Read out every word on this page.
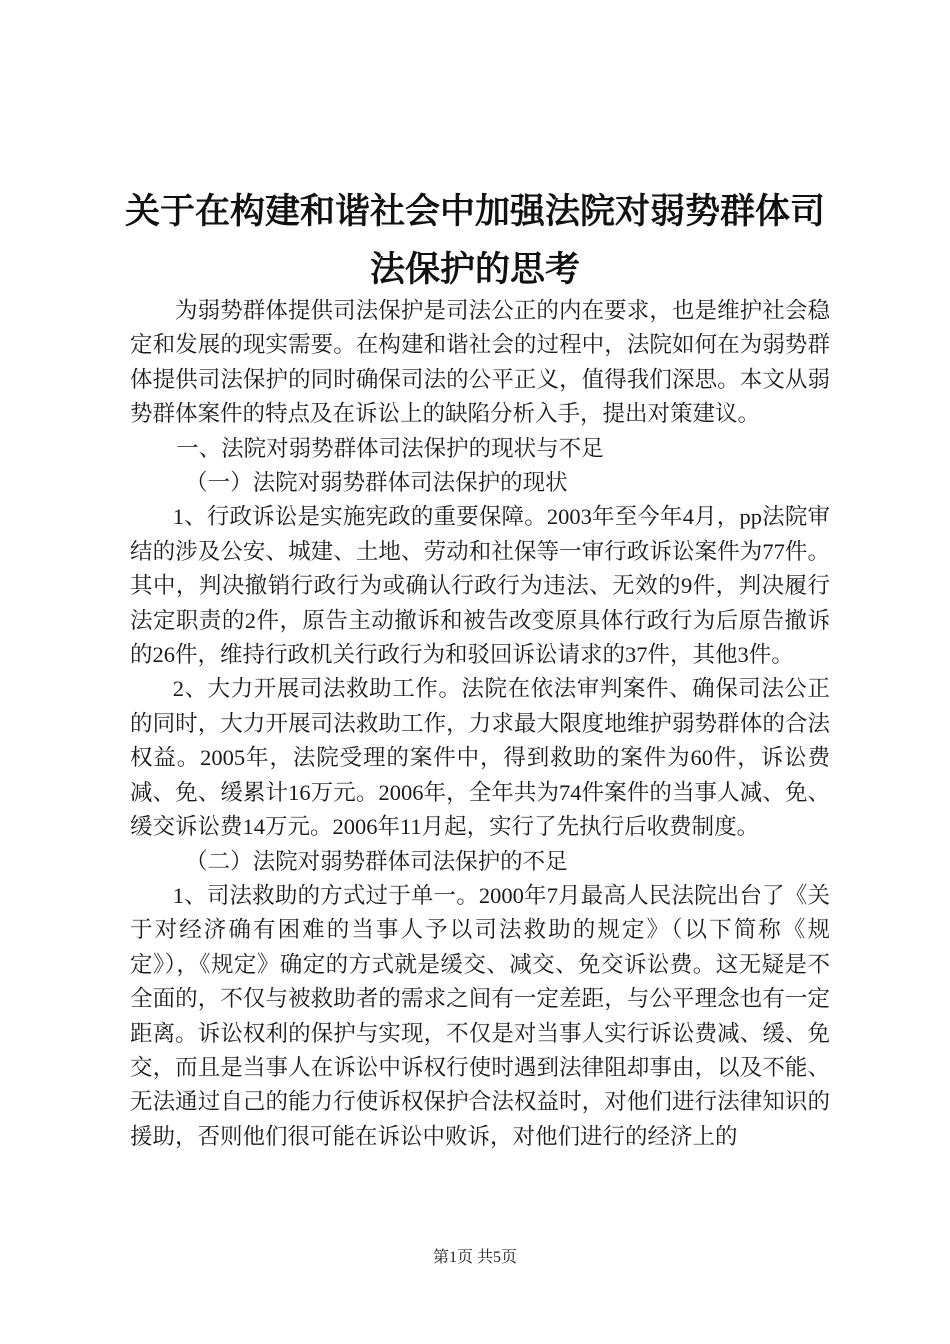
关于在构建和谐社会中加强法院对弱势群体司
法保护的思考

为弱势群体提供司法保护是司法公正的内在要求，也是维护社会稳定和发展的现实需要。在构建和谐社会的过程中，法院如何在为弱势群体提供司法保护的同时确保司法的公平正义，值得我们深思。本文从弱势群体案件的特点及在诉讼上的缺陷分析入手，提出对策建议。

一、法院对弱势群体司法保护的现状与不足

（一）法院对弱势群体司法保护的现状

1、行政诉讼是实施宪政的重要保障。2003年至今年4月，pp法院审结的涉及公安、城建、土地、劳动和社保等一审行政诉讼案件为77件。其中，判决撤销行政行为或确认行政行为违法、无效的9件，判决履行法定职责的2件，原告主动撤诉和被告改变原具体行政行为后原告撤诉的26件，维持行政机关行政行为和驳回诉讼请求的37件，其他3件。

2、大力开展司法救助工作。法院在依法审判案件、确保司法公正的同时，大力开展司法救助工作，力求最大限度地维护弱势群体的合法权益。2005年，法院受理的案件中，得到救助的案件为60件，诉讼费减、免、缓累计16万元。2006年，全年共为74件案件的当事人减、免、缓交诉讼费14万元。2006年11月起，实行了先执行后收费制度。

（二）法院对弱势群体司法保护的不足

1、司法救助的方式过于单一。2000年7月最高人民法院出台了《关于对经济确有困难的当事人予以司法救助的规定》（以下简称《规定》），《规定》确定的方式就是缓交、减交、免交诉讼费。这无疑是不全面的，不仅与被救助者的需求之间有一定差距，与公平理念也有一定距离。诉讼权利的保护与实现，不仅是对当事人实行诉讼费减、缓、免交，而且是当事人在诉讼中诉权行使时遇到法律阻却事由，以及不能、无法通过自己的能力行使诉权保护合法权益时，对他们进行法律知识的援助，否则他们很可能在诉讼中败诉，对他们进行的经济上的

第1页 共5页
